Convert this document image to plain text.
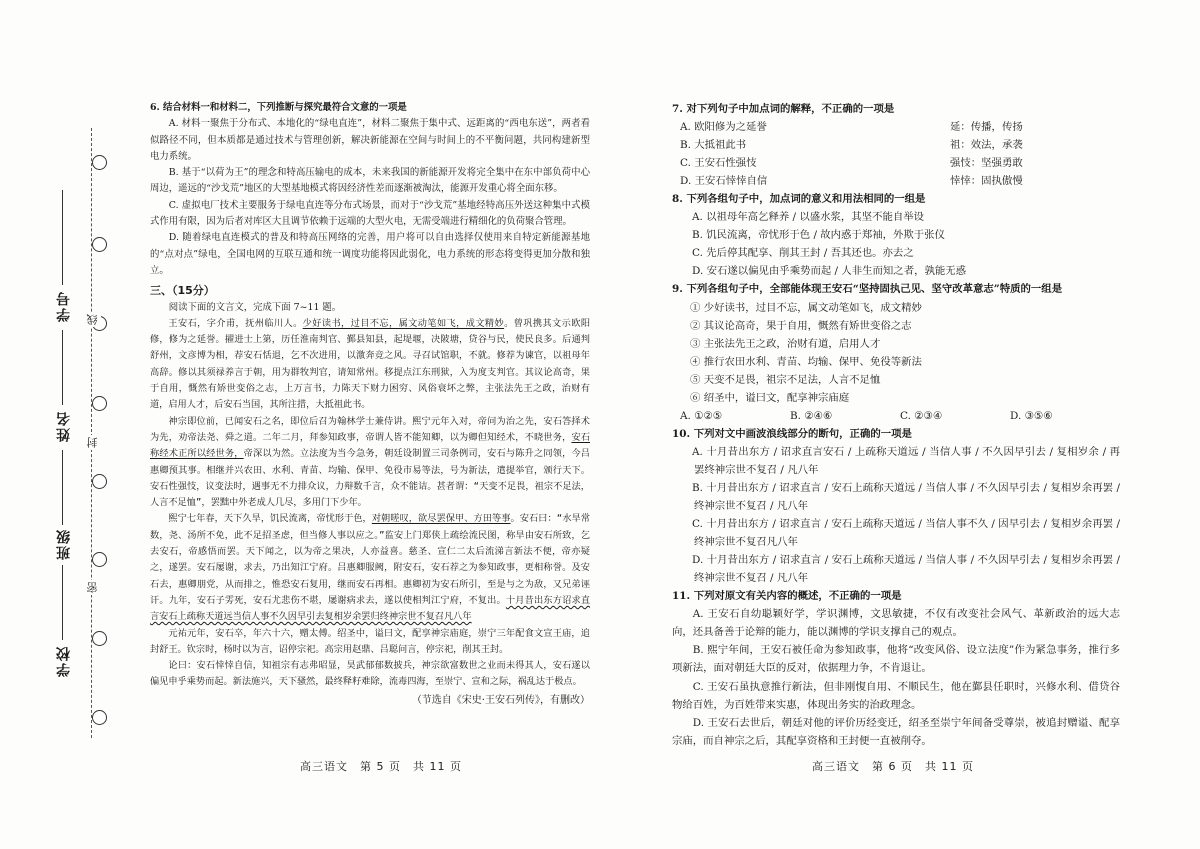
学号
姓名
班级
学校
线
封
密

6. 结合材料一和材料二，下列推断与探究最符合文意的一项是

A. 材料一聚焦于分布式、本地化的“绿电直连”，材料二聚焦于集中式、远距离的“西电东送”，两者看似路径不同，但本质都是通过技术与管理创新，解决新能源在空间与时间上的不平衡问题，共同构建新型电力系统。

B. 基于“以荷为王”的理念和特高压输电的成本，未来我国的新能源开发将完全集中在东中部负荷中心周边，遥远的“沙戈荒”地区的大型基地模式将因经济性差而逐渐被淘汰，能源开发重心将全面东移。

C. 虚拟电厂技术主要服务于绿电直连等分布式场景，而对于“沙戈荒”基地经特高压外送这种集中式模式作用有限，因为后者对库区大且调节依赖于远端的大型火电，无需受端进行精细化的负荷聚合管理。

D. 随着绿电直连模式的普及和特高压网络的完善，用户将可以自由选择仅使用来自特定新能源基地的“点对点”绿电，全国电网的互联互通和统一调度功能将因此弱化，电力系统的形态将变得更加分散和独立。

三、（15分）

阅读下面的文言文，完成下面 7~11 题。

王安石，字介甫，抚州临川人。少好读书，过目不忘，属文动笔如飞，成文精妙。曾巩携其文示欧阳修，修为之延誉。擢进士上第，历任淮南判官、鄞县知县，起堤堰，决陂塘，贷谷与民，使民良多。后通判舒州，文彦博为相，荐安石恬退，乞不次进用，以激奔竞之风。寻召试馆职，不就。修荐为谏官，以祖母年高辞。修以其须禄养言于朝，用为群牧判官，请知常州。移提点江东刑狱，入为度支判官。其议论高奇，果于自用，慨然有矫世变俗之志，上万言书，力陈天下财力困穷、风俗衰坏之弊，主张法先王之政，治财有道，启用人才，后安石当国，其所注措，大抵祖此书。

神宗即位前，已闻安石之名，即位后召为翰林学士兼侍讲。熙宁元年入对，帝问为治之先，安石答择术为先，劝帝法尧、舜之道。二年二月，拜参知政事，帝谓人皆不能知卿，以为卿但知经术，不晓世务，安石称经术正所以经世务，帝深以为然。立法度为当今急务，朝廷设制置三司条例司，安石与陈升之同领，今吕惠卿预其事。相继并兴农田、水利、青苗、均输、保甲、免役市易等法，号为新法，遣提举官，颁行天下。安石性强忮，议变法时，遇事无不力排众议，力辩数千言，众不能诘。甚者谓：“天变不足畏，祖宗不足法，人言不足恤”，罢黜中外老成人几尽，多用门下少年。

熙宁七年春，天下久旱，饥民流离，帝忧形于色，对朝嗟叹，欲尽罢保甲、方田等事。安石曰：“水旱常数，尧、汤所不免，此不足招圣虑，但当修人事以应之。”监安上门郑侠上疏绘流民图，称旱由安石所致，乞去安石，帝感悟而罢。天下闻之，以为帝之果决，人亦益喜。慈圣、宣仁二太后流涕言新法不便，帝亦疑之，遂罢。安石屡谢，求去，乃出知江宁府。吕惠卿服阙，附安石，安石荐之为参知政事，更相称誉。及安石去，惠卿朋党，从而排之，惟恐安石复用，继而安石再相。惠卿初为安石所引，至是与之为敌，又兄弟诬讦。九年，安石子雱死，安石尤悲伤不堪，屡谢病求去，遂以使相判江宁府，不复出。十月昔出东方诏求直言安石上疏称天道远当信人事不久因早引去复相岁余罢归终神宗世不复召凡八年

元祐元年，安石卒，年六十六，赠太傅。绍圣中，谥曰文，配享神宗庙庭，崇宁三年配食文宣王庙，追封舒王。钦宗时，杨时以为言，诏停宗祀。高宗用赵鼎、吕聪问言，停宗祀，削其王封。

论曰：安石悻悻自信，知祖宗有志弗昭显，昊武郁郁数披兵，神宗欲富数世之业而未得其人，安石遂以偏见申乎乘势而起。新法施兴，天下骚然，最终释籽难除，流毒四海，至崇宁、宣和之际，祸乱达于极点。

（节选自《宋史·王安石列传》，有删改）

高三语文　第 5 页　共 11 页

7. 对下列句子中加点词的解释，不正确的一项是

A. 欧阳修为之延誉	延：传播，传扬
B. 大抵祖此书	祖：效法，承袭
C. 王安石性强忮	强忮：坚强勇敢
D. 王安石悻悻自信	悻悻：固执傲慢

8. 下列各组句子中，加点词的意义和用法相同的一组是

A. 以祖母年高乞释养 / 以盛水浆，其坚不能自举设

B. 饥民流离，帝忧形于色 / 故内惑于郑袖，外欺于张仪

C. 先后停其配享、削其王封 / 吾其还也。亦去之

D. 安石遂以偏见由乎乘势而起 / 人非生而知之者，孰能无惑

9. 下列各组句子中，全部能体现王安石“坚持固执己见、坚守改革意志”特质的一组是

① 少好读书，过目不忘，属文动笔如飞，成文精妙

② 其议论高奇，果于自用，慨然有矫世变俗之志

③ 主张法先王之政，治财有道，启用人才

④ 推行农田水利、青苗、均输、保甲、免役等新法

⑤ 天变不足畏，祖宗不足法，人言不足恤

⑥ 绍圣中，谥曰文，配享神宗庙庭

A. ①②⑤	B. ②④⑥	C. ②③④	D. ③⑤⑥

10. 下列对文中画波浪线部分的断句，正确的一项是

A. 十月昔出东方 / 诏求直言安石 / 上疏称天道远 / 当信人事 / 不久因早引去 / 复相岁余 / 再罢终神宗世不复召 / 凡八年

B. 十月昔出东方 / 诏求直言 / 安石上疏称天道远 / 当信人事 / 不久因早引去 / 复相岁余再罢 / 终神宗世不复召 / 凡八年

C. 十月昔出东方 / 诏求直言 / 安石上疏称天道远 / 当信人事不久 / 因早引去 / 复相岁余再罢 / 终神宗世不复召凡八年

D. 十月昔出东方 / 诏求直言 / 安石上疏称天道远 / 当信人事 / 不久因早引去 / 复相岁余再罢 / 终神宗世不复召 / 凡八年

11. 下列对原文有关内容的概述，不正确的一项是

A. 王安石自幼聪颖好学，学识渊博，文思敏捷，不仅有改变社会风气、革新政治的远大志向，还具备善于论辩的能力，能以渊博的学识支撑自己的观点。

B. 熙宁年间，王安石被任命为参知政事，他将“改变风俗、设立法度”作为紧急事务，推行多项新法，面对朝廷大臣的反对，依据理力争，不肯退让。

C. 王安石虽执意推行新法，但非刚愎自用、不顺民生，他在鄞县任职时，兴修水利、借贷谷物给百姓，为百姓带来实惠，体现出务实的治政理念。

D. 王安石去世后，朝廷对他的评价历经变迁，绍圣至崇宁年间备受尊崇，被追封赠谥、配享宗庙，而自神宗之后，其配享资格和王封便一直被削夺。

高三语文　第 6 页　共 11 页
